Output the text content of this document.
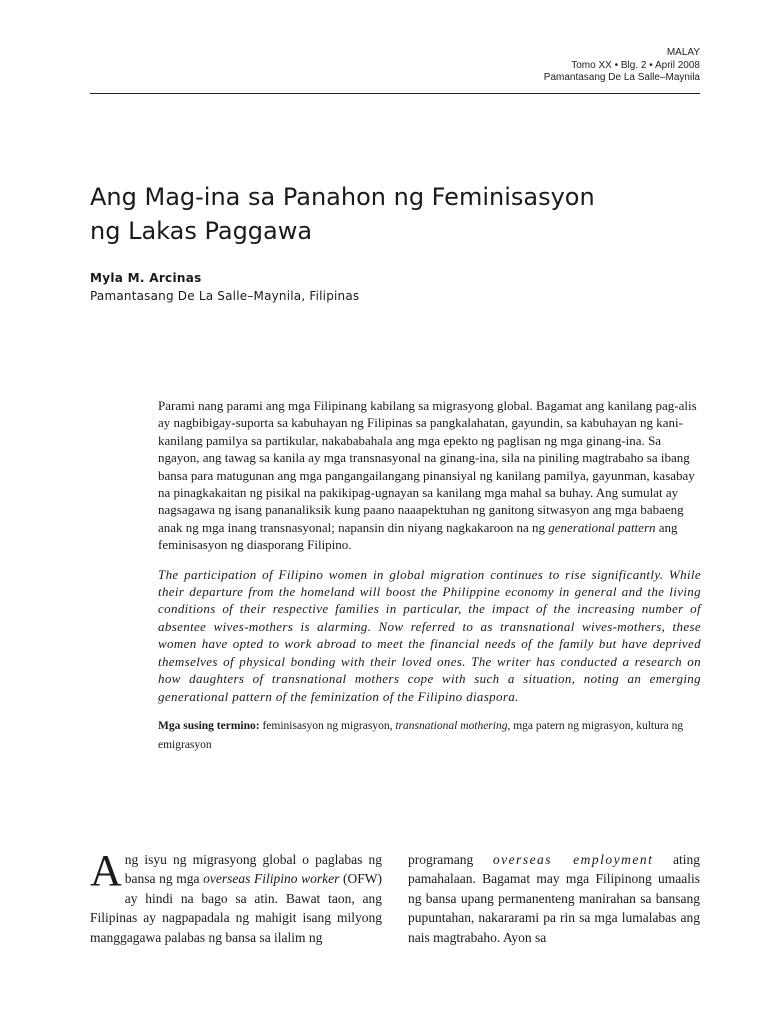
MALAY
Tomo XX • Blg. 2 • April 2008
Pamantasang De La Salle–Maynila
Ang Mag-ina sa Panahon ng Feminisasyon
ng Lakas Paggawa
Myla M. Arcinas
Pamantasang De La Salle–Maynila, Filipinas

Parami nang parami ang mga Filipinang kabilang sa migrasyong global. Bagamat ang kanilang pag-alis ay nagbibigay-suporta sa kabuhayan ng Filipinas sa pangkalahatan, gayundin, sa kabuhayan ng kani-kanilang pamilya sa partikular, nakababahala ang mga epekto ng paglisan ng mga ginang-ina. Sa ngayon, ang tawag sa kanila ay mga transnasyonal na ginang-ina, sila na piniling magtrabaho sa ibang bansa para matugunan ang mga pangangailangang pinansiyal ng kanilang pamilya, gayunman, kasabay na pinagkakaitan ng pisikal na pakikipag-ugnayan sa kanilang mga mahal sa buhay. Ang sumulat ay nagsagawa ng isang pananaliksik kung paano naaapektuhan ng ganitong sitwasyon ang mga babaeng anak ng mga inang transnasyonal; napansin din niyang nagkakaroon na ng generational pattern ang feminisasyon ng diasporang Filipino.

The participation of Filipino women in global migration continues to rise significantly. While their departure from the homeland will boost the Philippine economy in general and the living conditions of their respective families in particular, the impact of the increasing number of absentee wives-mothers is alarming. Now referred to as transnational wives-mothers, these women have opted to work abroad to meet the financial needs of the family but have deprived themselves of physical bonding with their loved ones. The writer has conducted a research on how daughters of transnational mothers cope with such a situation, noting an emerging generational pattern of the feminization of the Filipino diaspora.

Mga susing termino: feminisasyon ng migrasyon, transnational mothering, mga patern ng migrasyon, kultura ng emigrasyon

Ang isyu ng migrasyong global o paglabas ng bansa ng mga overseas Filipino worker (OFW) ay hindi na bago sa atin. Bawat taon, ang Filipinas ay nagpapadala ng mahigit isang milyong manggagawa palabas ng bansa sa ilalim ng

programang overseas employment ating pamahalaan. Bagamat may mga Filipinong umaalis ng bansa upang permanenteng manirahan sa bansang pupuntahan, nakararami pa rin sa mga lumalabas ang nais magtrabaho. Ayon sa
